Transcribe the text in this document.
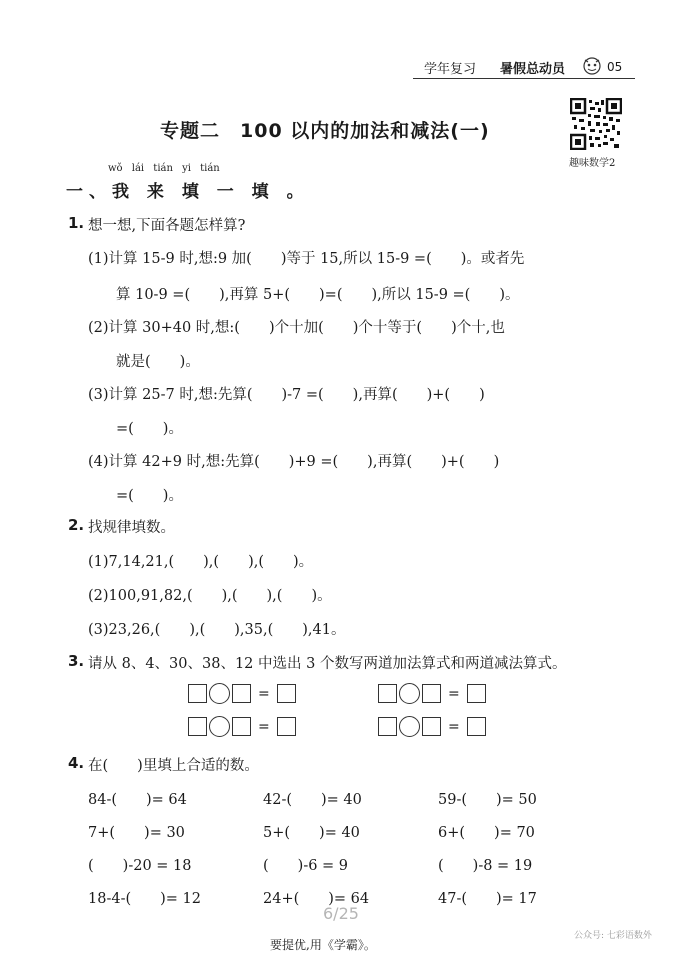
学年复习 暑假总动员	05
趣味数学2
专题二　100 以内的加法和减法(一)
wǒ lái tián yi tián
一、我 来 填 一 填 。
1. 想一想,下面各题怎样算?
(1)计算 15-9 时,想:9 加(　　)等于 15,所以 15-9 =(　　)。或者先
算 10-9 =(　　),再算 5+(　　)=(　　),所以 15-9 =(　　)。
(2)计算 30+40 时,想:(　　)个十加(　　)个十等于(　　)个十,也
就是(　　)。
(3)计算 25-7 时,想:先算(　　)-7 =(　　),再算(　　)+(　　)
=(　　)。
(4)计算 42+9 时,想:先算(　　)+9 =(　　),再算(　　)+(　　)
=(　　)。
2. 找规律填数。
(1)7,14,21,(　　),(　　),(　　)。
(2)100,91,82,(　　),(　　),(　　)。
(3)23,26,(　　),(　　),35,(　　),41。
3. 请从 8、4、30、38、12 中选出 3 个数写两道加法算式和两道减法算式。
=	=
=	=
4. 在(　　)里填上合适的数。
84-(　　)= 64	42-(　　)= 40	59-(　　)= 50
7+(　　)= 30	5+(　　)= 40	6+(　　)= 70
(　　)-20 = 18	(　　)-6 = 9	(　　)-8 = 19
18-4-(　　)= 12	24+(　　)= 64	47-(　　)= 17
6/25
要提优,用《学霸》。
公众号: 七彩语数外
